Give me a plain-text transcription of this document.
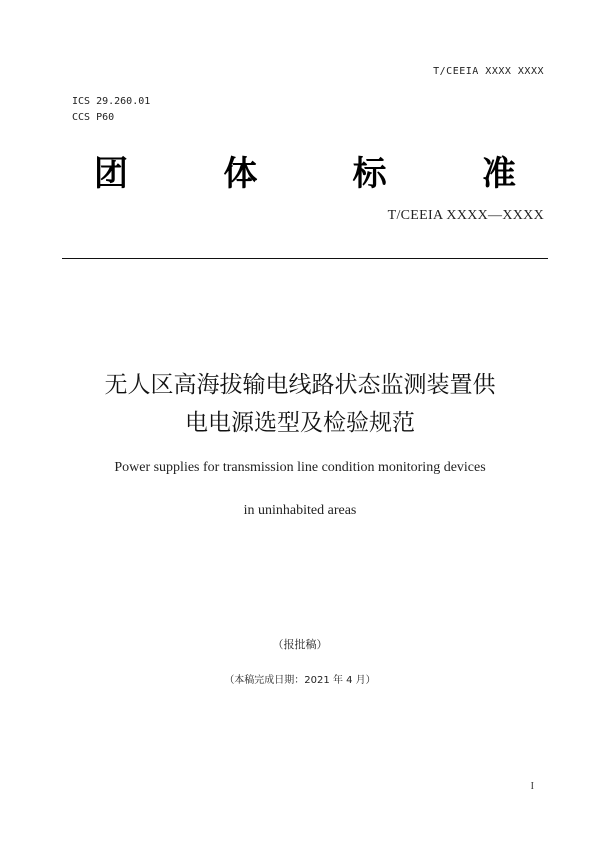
T/CEEIA XXXX XXXX
ICS 29.260.01
CCS P60
团	体	标	准
T/CEEIA XXXX—XXXX
无人区高海拔输电线路状态监测装置供
电电源选型及检验规范
Power supplies for transmission line condition monitoring devices
in uninhabited areas
（报批稿）
（本稿完成日期：2021 年 4 月）
I
